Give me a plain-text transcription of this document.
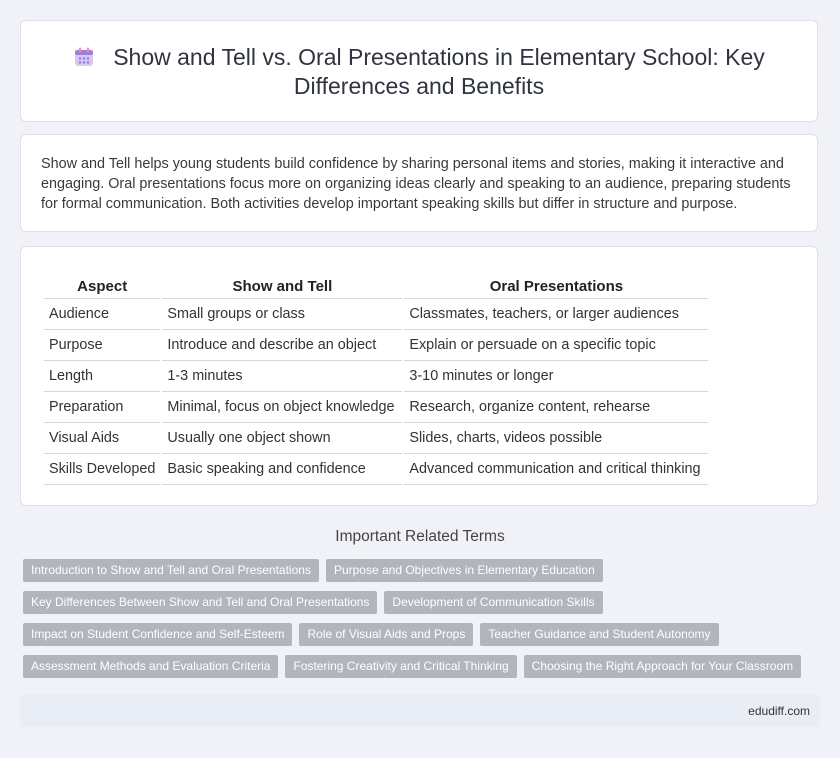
Show and Tell vs. Oral Presentations in Elementary School: Key Differences and Benefits
Show and Tell helps young students build confidence by sharing personal items and stories, making it interactive and engaging. Oral presentations focus more on organizing ideas clearly and speaking to an audience, preparing students for formal communication. Both activities develop important speaking skills but differ in structure and purpose.
Aspect	Show and Tell	Oral Presentations
Audience	Small groups or class	Classmates, teachers, or larger audiences
Purpose	Introduce and describe an object	Explain or persuade on a specific topic
Length	1-3 minutes	3-10 minutes or longer
Preparation	Minimal, focus on object knowledge	Research, organize content, rehearse
Visual Aids	Usually one object shown	Slides, charts, videos possible
Skills Developed	Basic speaking and confidence	Advanced communication and critical thinking
Important Related Terms
Introduction to Show and Tell and Oral Presentations	Purpose and Objectives in Elementary Education
Key Differences Between Show and Tell and Oral Presentations	Development of Communication Skills
Impact on Student Confidence and Self-Esteem	Role of Visual Aids and Props	Teacher Guidance and Student Autonomy
Assessment Methods and Evaluation Criteria	Fostering Creativity and Critical Thinking	Choosing the Right Approach for Your Classroom
edudiff.com
